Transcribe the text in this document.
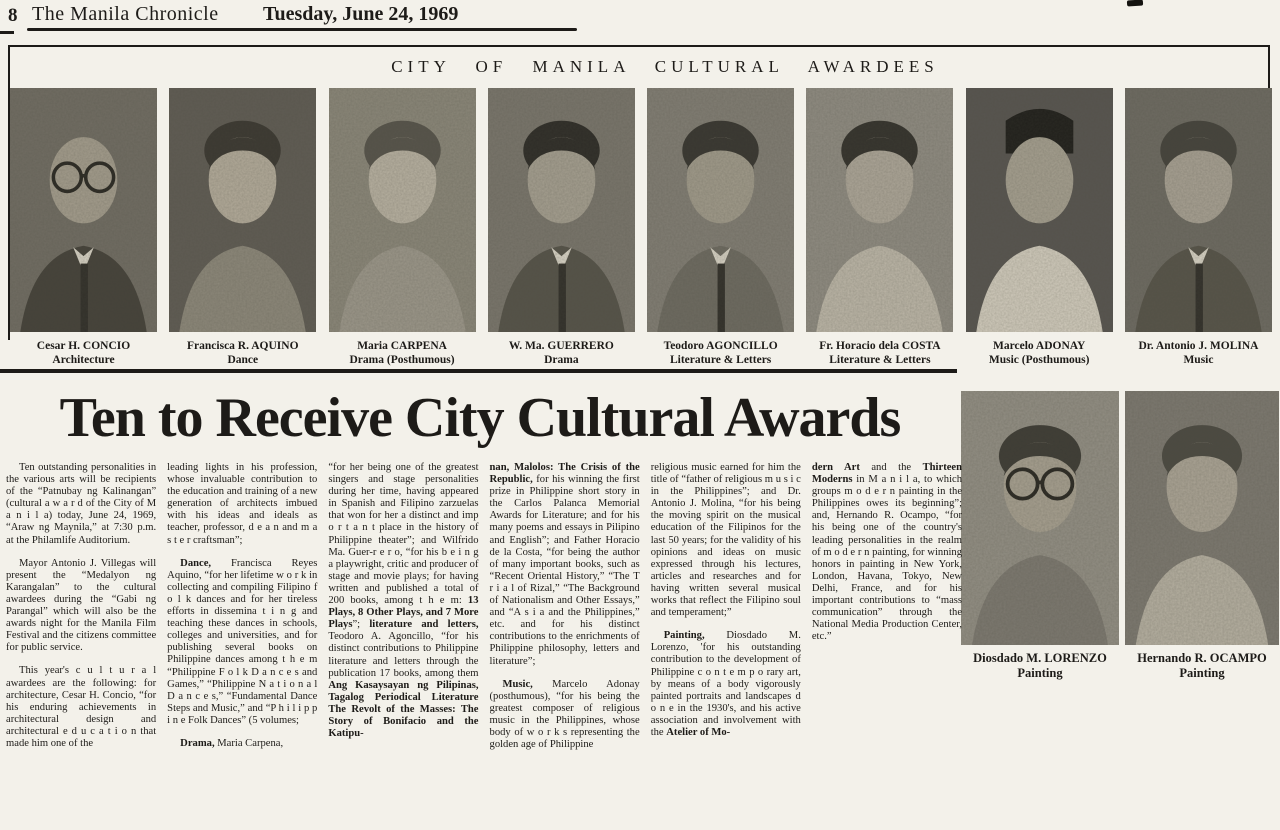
8 The Manila Chronicle Tuesday, June 24, 1969
CITY OF MANILA CULTURAL AWARDEES
Cesar H. CONCIO
Architecture
Francisca R. AQUINO
Dance
Maria CARPENA
Drama (Posthumous)
W. Ma. GUERRERO
Drama
Teodoro AGONCILLO
Literature & Letters
Fr. Horacio dela COSTA
Literature & Letters
Marcelo ADONAY
Music (Posthumous)
Dr. Antonio J. MOLINA
Music
Ten to Receive City Cultural Awards
Diosdado M. LORENZO
Painting
Hernando R. OCAMPO
Painting

Ten outstanding personalities in the various arts will be recipients of the “Patnubay ng Kalinangan” (cultural a w a r d of the City of M a n i l a) today, June 24, 1969, “Araw ng Maynila,” at 7:30 p.m. at the Philamlife Auditorium.

Mayor Antonio J. Villegas will present the “Medalyon ng Karangalan” to the cultural awardees during the “Gabi ng Parangal” which will also be the awards night for the Manila Film Festival and the citizens committee for public service.

This year's c u l t u r a l awardees are the following: for architecture, Cesar H. Concio, “for his enduring achievements in architectural design and architectural e d u c a t i o n that made him one of the

leading lights in his profession, whose invaluable contribution to the education and training of a new generation of architects imbued with his ideas and ideals as teacher, professor, d e a n and m a s t e r craftsman”;

Dance, Francisca Reyes Aquino, “for her lifetime w o r k in collecting and compiling Filipino f o l k dances and for her tireless efforts in dissemina t i n g and teaching these dances in schools, colleges and universities, and for publishing several books on Philippine dances among t h e m “Philippine F o l k D a n c e s and Games,” “Philippine N a t i o n a l D a n c e s,” “Fundamental Dance Steps and Music,” and “P h i l i p p i n e Folk Dances” (5 volumes;

Drama, Maria Carpena,

“for her being one of the greatest singers and stage personalities during her time, having appeared in Spanish and Filipino zarzuelas that won for her a distinct and imp o r t a n t place in the history of Philippine theater”; and Wilfrido Ma. Guer-r e r o, “for his b e i n g a playwright, critic and producer of stage and movie plays; for having written and published a total of 200 books, among t h e m: 13 Plays, 8 Other Plays, and 7 More Plays”; literature and letters, Teodoro A. Agoncillo, “for his distinct contributions to Philippine literature and letters through the publication 17 books, among them Ang Kasaysayan ng Pilipinas, Tagalog Periodical Literature The Revolt of the Masses: The Story of Bonifacio and the Katipu-

nan, Malolos: The Crisis of the Republic, for his winning the first prize in Philippine short story in the Carlos Palanca Memorial Awards for Literature; and for his many poems and essays in Pilipino and English”; and Father Horacio de la Costa, “for being the author of many important books, such as “Recent Oriental History,” “The T r i a l of Rizal,” “The Background of Nationalism and Other Essays,” and “A s i a and the Philippines,” etc. and for his distinct contributions to the enrichments of Philippine philosophy, letters and literature”;

Music, Marcelo Adonay (posthumous), “for his being the greatest composer of religious music in the Philippines, whose body of w o r k s representing the golden age of Philippine

religious music earned for him the title of “father of religious m u s i c in the Philippines”; and Dr. Antonio J. Molina, “for his being the moving spirit on the musical education of the Filipinos for the last 50 years; for the validity of his opinions and ideas on music expressed through his lectures, articles and researches and for having written several musical works that reflect the Filipino soul and temperament;”

Painting, Diosdado M. Lorenzo, 'for his outstanding contribution to the development of Philippine c o n t e m p o rary art, by means of a body vigorously painted portraits and landscapes d o n e in the 1930's, and his active association and involvement with the Atelier of Mo-

dern Art and the Thirteen Moderns in M a n i l a, to which groups m o d e r n painting in the Philippines owes its beginning”; and, Hernando R. Ocampo, “for his being one of the country's leading personalities in the realm of m o d e r n painting, for winning honors in painting in New York, London, Havana, Tokyo, New Delhi, France, and for his important contributions to “mass communication” through the National Media Production Center, etc.”
